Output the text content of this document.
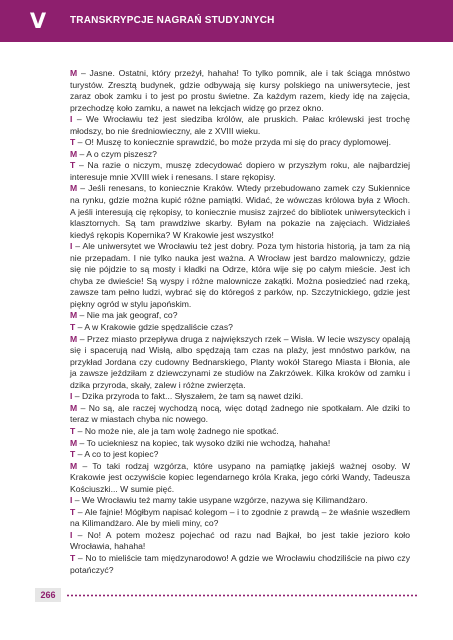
V	TRANSKRYPCJE NAGRAŃ STUDYJNYCH

M – Jasne. Ostatni, który przeżył, hahaha! To tylko pomnik, ale i tak ściąga mnóstwo turystów. Zresztą budynek, gdzie odbywają się kursy polskiego na uniwersytecie, jest zaraz obok zamku i to jest po prostu świetne. Za każdym razem, kiedy idę na zajęcia, przechodzę koło zamku, a nawet na lekcjach widzę go przez okno.

I – We Wrocławiu też jest siedziba królów, ale pruskich. Pałac królewski jest trochę młodszy, bo nie średniowieczny, ale z XVIII wieku.

T – O! Muszę to koniecznie sprawdzić, bo może przyda mi się do pracy dyplomowej.

M – A o czym piszesz?

T – Na razie o niczym, muszę zdecydować dopiero w przyszłym roku, ale najbardziej interesuje mnie XVIII wiek i renesans. I stare rękopisy.

M – Jeśli renesans, to koniecznie Kraków. Wtedy przebudowano zamek czy Sukiennice na rynku, gdzie można kupić różne pamiątki. Widać, że wówczas królowa była z Włoch. A jeśli interesują cię rękopisy, to koniecznie musisz zajrzeć do bibliotek uniwersyteckich i klasztornych. Są tam prawdziwe skarby. Byłam na pokazie na zajęciach. Widziałeś kiedyś rękopis Kopernika? W Krakowie jest wszystko!

I – Ale uniwersytet we Wrocławiu też jest dobry. Poza tym historia historią, ja tam za nią nie przepadam. I nie tylko nauka jest ważna. A Wrocław jest bardzo malowniczy, gdzie się nie pójdzie to są mosty i kładki na Odrze, która wije się po całym mieście. Jest ich chyba ze dwieście! Są wyspy i różne malownicze zakątki. Można posiedzieć nad rzeką, zawsze tam pełno ludzi, wybrać się do któregoś z parków, np. Szczytnickiego, gdzie jest piękny ogród w stylu japońskim.

M – Nie ma jak geograf, co?

T – A w Krakowie gdzie spędzaliście czas?

M – Przez miasto przepływa druga z największych rzek – Wisła. W lecie wszyscy opalają się i spacerują nad Wisłą, albo spędzają tam czas na plaży, jest mnóstwo parków, na przykład Jordana czy cudowny Bednarskiego, Planty wokół Starego Miasta i Błonia, ale ja zawsze jeździłam z dziewczynami ze studiów na Zakrzówek. Kilka kroków od zamku i dzika przyroda, skały, zalew i różne zwierzęta.

I – Dzika przyroda to fakt... Słyszałem, że tam są nawet dziki.

M – No są, ale raczej wychodzą nocą, więc dotąd żadnego nie spotkałam. Ale dziki to teraz w miastach chyba nic nowego.

T – No może nie, ale ja tam wolę żadnego nie spotkać.

M – To uciekniesz na kopiec, tak wysoko dziki nie wchodzą, hahaha!

T – A co to jest kopiec?

M – To taki rodzaj wzgórza, które usypano na pamiątkę jakiejś ważnej osoby. W Krakowie jest oczywiście kopiec legendarnego króla Kraka, jego córki Wandy, Tadeusza Kościuszki... W sumie pięć.

I – We Wrocławiu też mamy takie usypane wzgórze, nazywa się Kilimandżaro.

T – Ale fajnie! Mógłbym napisać kolegom – i to zgodnie z prawdą – że właśnie wszedłem na Kilimandżaro. Ale by mieli miny, co?

I – No! A potem możesz pojechać od razu nad Bajkał, bo jest takie jezioro koło Wrocławia, hahaha!

T – No to mieliście tam międzynarodowo! A gdzie we Wrocławiu chodziliście na piwo czy potańczyć?

266
